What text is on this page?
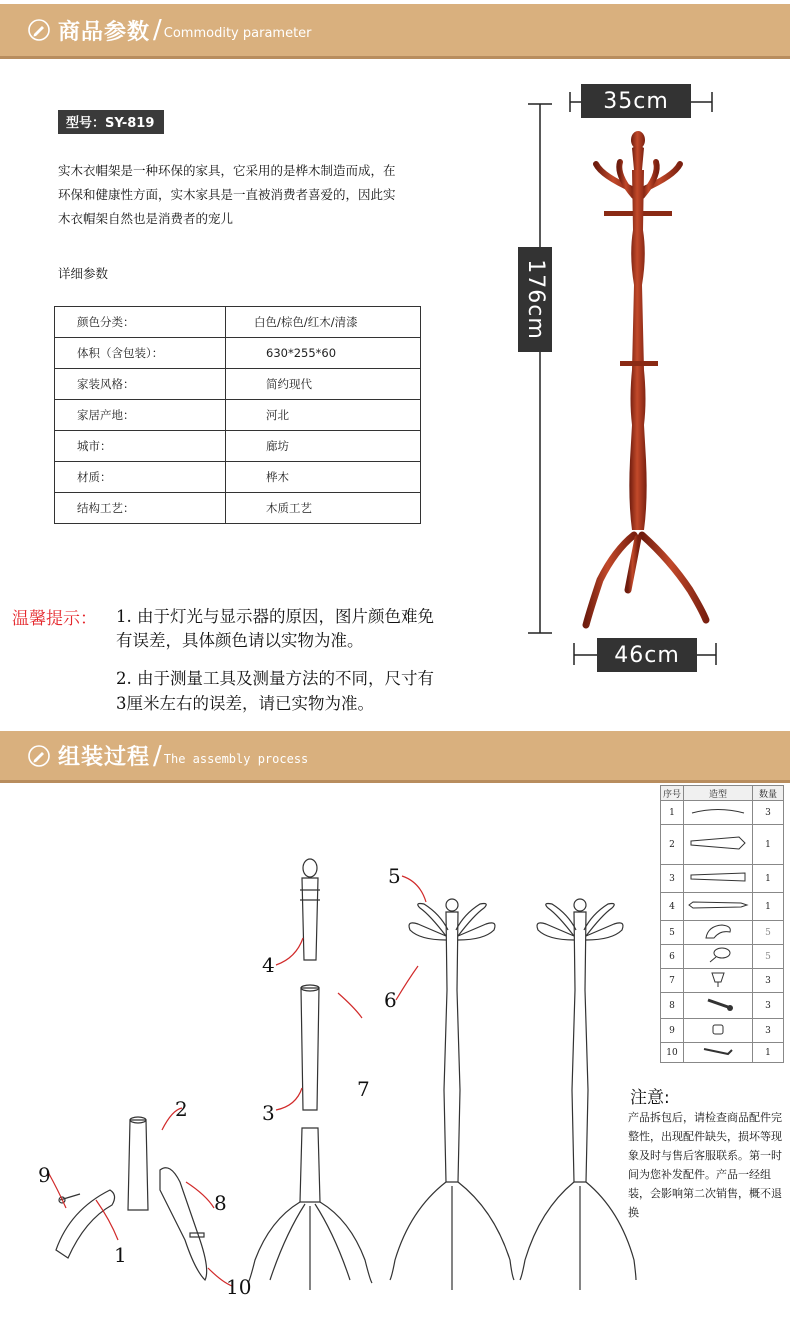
商品参数 / Commodity parameter
型号：SY-819
实木衣帽架是一种环保的家具，它采用的是桦木制造而成，在环保和健康性方面，实木家具是一直被消费者喜爱的，因此实木衣帽架自然也是消费者的宠儿
详细参数
颜色分类：	白色/棕色/红木/清漆
体积（含包装）：	630*255*60
家装风格：	简约现代
家居产地：	河北
城市：	廊坊
材质：	桦木
结构工艺：	木质工艺
35cm
176cm
46cm
温馨提示： 1. 由于灯光与显示器的原因，图片颜色难免
有误差，具体颜色请以实物为准。
2. 由于测量工具及测量方法的不同，尺寸有
3厘米左右的误差，请已实物为准。
组装过程 / The assembly process
1
2	3
4
5
6
7
8
9
10
序号	造型	数量
1		3
2		1
3		1
4		1
5		5
6		5
7		3
8		3
9		3
10		1
注意:
产品拆包后，请检查商品配件完整性，出现配件缺失，损坏等现象及时与售后客服联系。第一时间为您补发配件。产品一经组装，会影响第二次销售，概不退换
